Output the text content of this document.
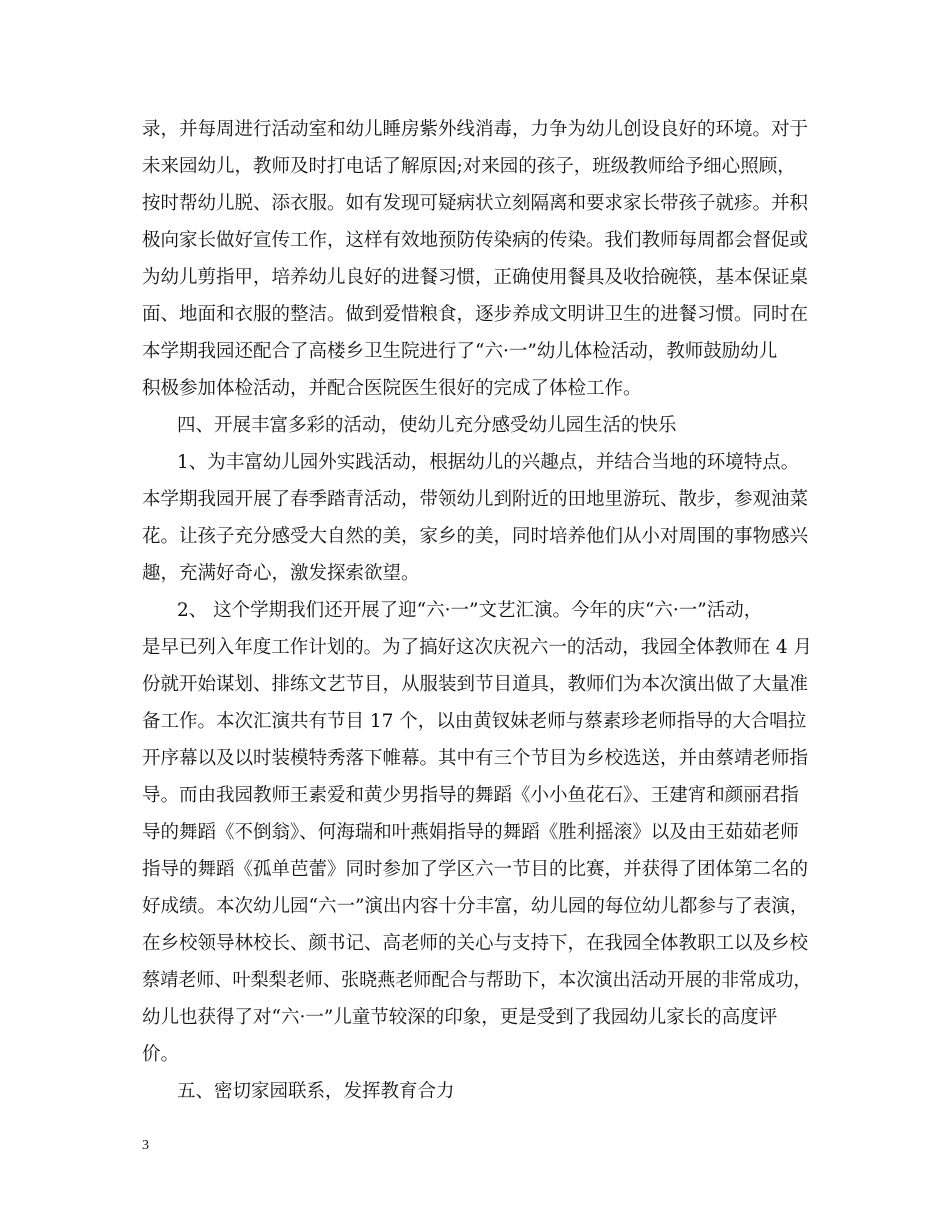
录，并每周进行活动室和幼儿睡房紫外线消毒，力争为幼儿创设良好的环境。对于
未来园幼儿，教师及时打电话了解原因;对来园的孩子，班级教师给予细心照顾，
按时帮幼儿脱、添衣服。如有发现可疑病状立刻隔离和要求家长带孩子就疹。并积
极向家长做好宣传工作，这样有效地预防传染病的传染。我们教师每周都会督促或
为幼儿剪指甲，培养幼儿良好的进餐习惯，正确使用餐具及收拾碗筷，基本保证桌
面、地面和衣服的整洁。做到爱惜粮食，逐步养成文明讲卫生的进餐习惯。同时在
本学期我园还配合了高楼乡卫生院进行了“六·一”幼儿体检活动，教师鼓励幼儿
积极参加体检活动，并配合医院医生很好的完成了体检工作。
四、开展丰富多彩的活动，使幼儿充分感受幼儿园生活的快乐
1、为丰富幼儿园外实践活动，根据幼儿的兴趣点，并结合当地的环境特点。
本学期我园开展了春季踏青活动，带领幼儿到附近的田地里游玩、散步，参观油菜
花。让孩子充分感受大自然的美，家乡的美，同时培养他们从小对周围的事物感兴
趣，充满好奇心，激发探索欲望。
2、 这个学期我们还开展了迎“六·一”文艺汇演。今年的庆“六·一”活动，
是早已列入年度工作计划的。为了搞好这次庆祝六一的活动，我园全体教师在 4 月
份就开始谋划、排练文艺节目，从服装到节目道具，教师们为本次演出做了大量准
备工作。本次汇演共有节目 17 个，以由黄钗妹老师与蔡素珍老师指导的大合唱拉
开序幕以及以时装模特秀落下帷幕。其中有三个节目为乡校选送，并由蔡靖老师指
导。而由我园教师王素爱和黄少男指导的舞蹈《小小鱼花石》、王建宵和颜丽君指
导的舞蹈《不倒翁》、何海瑞和叶燕娟指导的舞蹈《胜利摇滚》以及由王茹茹老师
指导的舞蹈《孤单芭蕾》同时参加了学区六一节目的比赛，并获得了团体第二名的
好成绩。本次幼儿园“六一”演出内容十分丰富，幼儿园的每位幼儿都参与了表演，
在乡校领导林校长、颜书记、高老师的关心与支持下，在我园全体教职工以及乡校
蔡靖老师、叶梨梨老师、张晓燕老师配合与帮助下，本次演出活动开展的非常成功，
幼儿也获得了对“六·一”儿童节较深的印象，更是受到了我园幼儿家长的高度评
价。
五、密切家园联系，发挥教育合力
3
